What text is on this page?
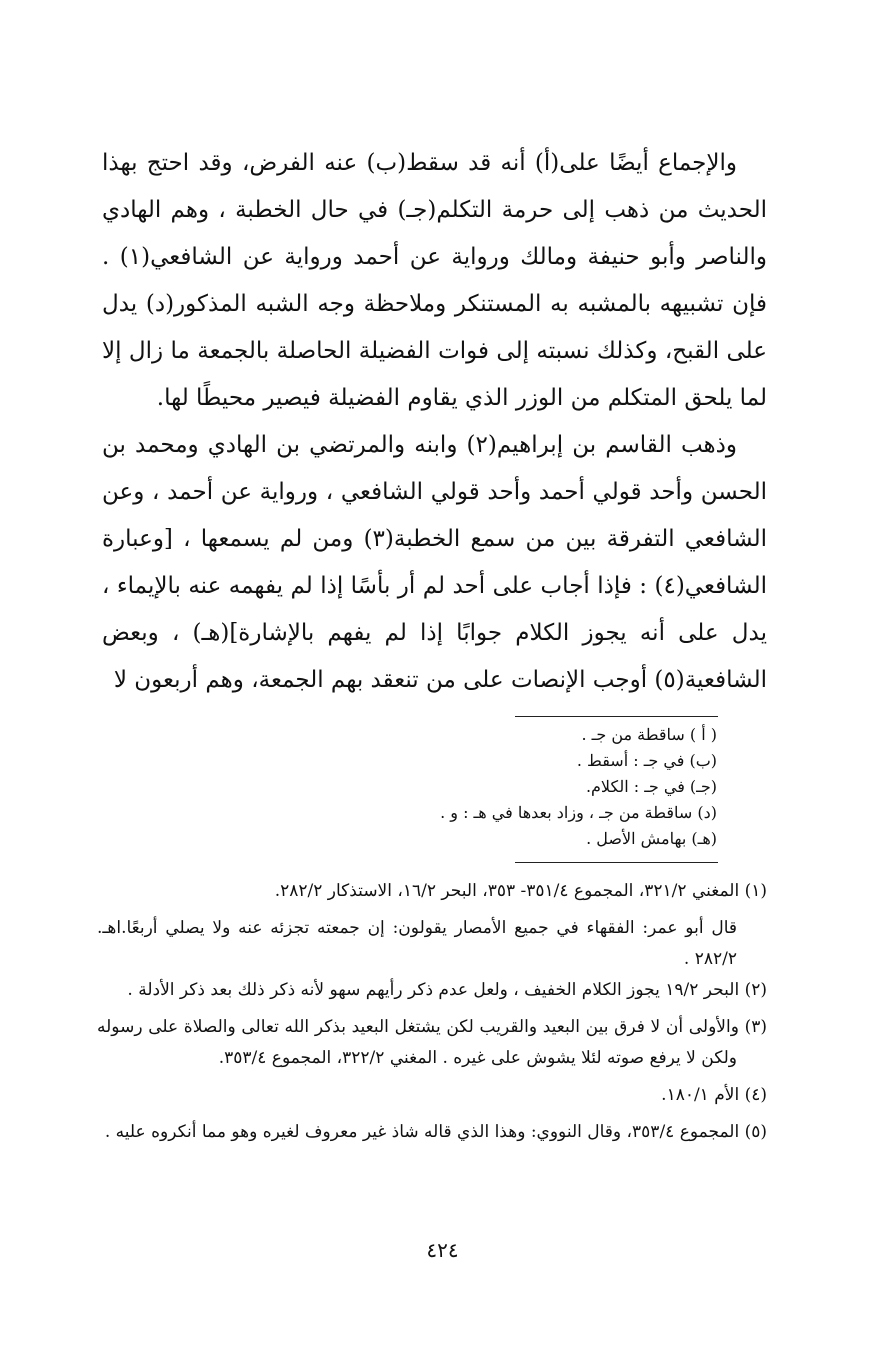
والإجماع أيضًا على(أ) أنه قد سقط(ب) عنه الفرض، وقد احتج بهذا الحديث من ذهب إلى حرمة التكلم(جـ) في حال الخطبة ، وهم الهادي والناصر وأبو حنيفة ومالك ورواية عن أحمد ورواية عن الشافعي(١) . فإن تشبيهه بالمشبه به المستنكر وملاحظة وجه الشبه المذكور(د) يدل على القبح، وكذلك نسبته إلى فوات الفضيلة الحاصلة بالجمعة ما زال إلا لما يلحق المتكلم من الوزر الذي يقاوم الفضيلة فيصير محيطًا لها.

وذهب القاسم بن إبراهيم(٢) وابنه والمرتضي بن الهادي ومحمد بن الحسن وأحد قولي أحمد وأحد قولي الشافعي ، ورواية عن أحمد ، وعن الشافعي التفرقة بين من سمع الخطبة(٣) ومن لم يسمعها ، [وعبارة الشافعي(٤) : فإذا أجاب على أحد لم أر بأسًا إذا لم يفهمه عنه بالإيماء ، يدل على أنه يجوز الكلام جوابًا إذا لم يفهم بالإشارة](هـ) ، وبعض الشافعية(٥) أوجب الإنصات على من تنعقد بهم الجمعة، وهم أربعون لا

( أ ) ساقطة من جـ .
(ب) في جـ : أسقط .
(جـ) في جـ : الكلام.
(د) ساقطة من جـ ، وزاد بعدها في هـ : و .
(هـ) بهامش الأصل .

(١) المغني ٣٢١/٢، المجموع ٣٥١/٤- ٣٥٣، البحر ١٦/٢، الاستذكار ٢٨٢/٢.

قال أبو عمر: الفقهاء في جميع الأمصار يقولون: إن جمعته تجزئه عنه ولا يصلي أربعًا.اهـ. ٢٨٢/٢ .

(٢) البحر ١٩/٢ يجوز الكلام الخفيف ، ولعل عدم ذكر رأيهم سهو لأنه ذكر ذلك بعد ذكر الأدلة .

(٣) والأولى أن لا فرق بين البعيد والقريب لكن يشتغل البعيد بذكر الله تعالى والصلاة على رسوله ولكن لا يرفع صوته لئلا يشوش على غيره . المغني ٣٢٢/٢، المجموع ٣٥٣/٤.

(٤) الأم ١٨٠/١.

(٥) المجموع ٣٥٣/٤، وقال النووي: وهذا الذي قاله شاذ غير معروف لغيره وهو مما أنكروه عليه .

٤٢٤
